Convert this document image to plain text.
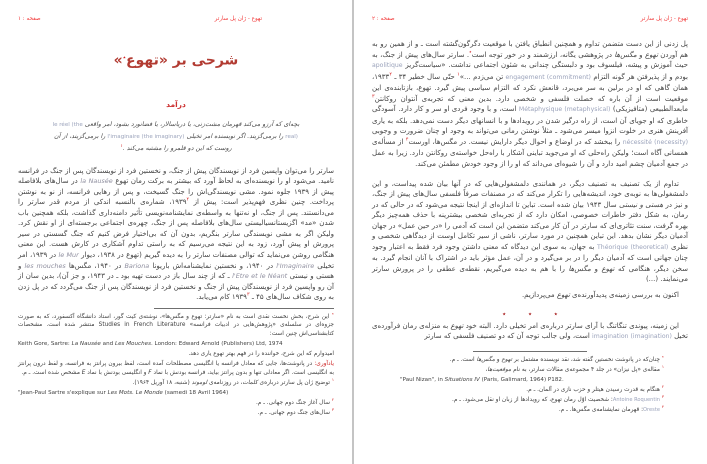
تهوع - ژان پل سارتر
صفحه : ۱
شرحی بر «تهوع٭»
درآمد
بچه‌ای که آرزو می‌کند قهرمان مشت‌زنی، یا دریاسالار، یا فضانورد بشود، امر واقعی le réel (the real) را برمی‌گزیند. اگر نویسنده امر تخیلی l'imaginaire (the imaginary) را برمی‌گزیند، از آن روست که این دو قلمرو را مشتبه می‌کند .$^۱$

سارتر را می‌توان واپسین فرد از نویسندگان پیش از جنگ، و نخستین فرد از نویسندگان پس از جنگ در فرانسه نامید. می‌شود او را نویسنده‌ای به لحاظ آورد که بیشتر به برکت رمان تهوع la Nausée در سال‌های بلافاصله پیش از ۱۹۳۹ جلوه نمود. مشی نویسندگی‌اش را جنگ گسیخت، و پس از رهایی فرانسه، از نو به نوشتن پرداخت. چنین نظری فهم‌پذیر است: پیش از ۱۹۳۹$^۲$، شماره‌ی بالنسبه اندکی از مردم قدر سارتر را می‌دانستند. پس از جنگ، او نه‌تنها به واسطه‌ی نمایشنامه‌نویسی تأثیر دامنه‌داری گذاشت، بلکه همچنین باب شدن «مد» اگزیستانسیالیستی سال‌های بلافاصله پس از جنگ، چهره‌ی اجتماعی برجسته‌ای از او نقش کرد. ولیکن اگر به مشی نویسندگی سارتر بنگریم، بدون آن که بی‌اختیار فرض کنیم که جنگ گسستی در سیر پرورش او پیش آورد، زود به این نتیجه می‌رسیم که به راستی تداوم آشکاری در کارش هست. این معنی هنگامی روشن می‌نماید که توالی مصنفات سارتر را به دیده گیریم (تهوع در ۱۹۳۸، دیوار le Mur در ۱۹۳۹، امر تخیلی l'Imaginaire در ۱۹۴۰، و نخستین نمایشنامه‌اش باریونا Bariona در ۱۹۴۰، مگس‌ها les mouches و هستی و نیستی l'Etre et le Néant ـ که از چند سال باز در دست تهیه بود ـ در ۱۹۴۳، و جز آن)، بدین سان از آن رو واپسین فرد از نویسندگان پیش از جنگ و نخستین فرد از نویسندگان پس از جنگ می‌گردد که در پل زدن به روی شکاف سال‌های ۴۵ ـ ۱۹۳۹$^۳$ کام می‌یابد.

٭ این شرح، بخش نخست نقدی است به نام «سارتر: تهوع و مگس‌ها»، نوشته‌ی کیت گور، استاد دانشگاه آکسفورد، که به صورت جزوه‌ای در سلسله‌ی «پژوهش‌هایی در ادبیات فرانسه» Studies in French Literature منتشر شده است. مشخصات کتابشناسی‌اش چنین است:

Keith Gore, Sartre: La Nausée and Les Mouches. London: Edward Arnold (Publishers) Ltd, 1974

امیدوارم که این شرح، خواننده را در فهم بهتر تهوع یاری دهد.

یادآوری: در پانوشت‌ها، جایی که معادل فرانسه یا انگلیسی مصطلحات آمده است، لفظ بیرون پرانتز به فرانسه، و لفظ درون پرانتز به انگلیسی است. اگر معادلی تنها و بدون پرانتز بیاید، فرانسه بودنش با نماد F و انگلیسی بودنش با نماد E مشخص شده است. ـ م.

$^۱$ توضیح ژان پل سارتر درباره‌ی کلمات، در روزنامه‌ی لوموند (شنبه، ۱۸ آوریل ۱۹۶۴).

"Jean-Paul Sartre s'explique sur Les Mots. Le Monde (samedi 18 Avril 1964)

$^۲$ سال آغاز جنگ دوم جهانی. ـ م.

$^۳$ سال‌های جنگ دوم جهانی. ـ م.

تهوع - ژان پل سارتر
صفحه : ۲

پل زدنی از این دست متضمن تداوم و همچنین انطباق یافتن با موقعیت دگرگون‌گشته است ـ و از همین رو به هم آوردن تهوع و مگس‌ها در پژوهشی یگانه، ارزشمند و در خور توجه است٭. سارتر سال‌های پیش از جنگ، به حیث آموزش و پیشه، فیلسوف بود و دلبستگی چندانی به شئون اجتماعی نداشت. «سیاست‌گریز apolitique بودم و از پذیرفتن هر گونه التزام engagement (commitment) تن می‌زدم ...»$^۱$ حتّی سال خطیر ۳۴ ـ ۱۹۳۳$^۲$، همان گاهی که او در برلین به سر می‌برد، قانعش نکرد که التزام سیاسی پیش گیرد. تهوع، بازتابنده‌ی این موقعیت است از آن باره که خصلت فلسفی و شخصی دارد. بدین معنی که تجربه‌ی آنتوان روکانتن$^۳$ مابعدالطبیعی (متافیزیکی) Métaphysique (metaphysical) است، و با وجود فردی او سر و کار دارد. آسودگی خاطری که او جویای آن است، از راه درگیر شدن در رویدادها و با انسانهای دیگر دست نمی‌دهد. بلکه به یاری آفرینش هنری در خلوت انزوا میسر می‌شود ـ مثلاً نوشتن رمانی می‌تواند به وجود او چنان ضرورت و وجوبی nécessité (necessity) را ببخشد که در اوضاع و احوال دیگر دارایش نیست. در مگس‌ها، اورست$^۴$ از مسأله‌ی همسانی آگاه است؛ ولیکن راه‌حلی که او می‌جوید تباینی آشکار با راه‌حل خواسته‌ی روکانتن دارد. زیرا به عمل در جمع آدمیان چشم امید دارد و آن را شیوه‌ای می‌داند که او را از وجود خودش مطمئن می‌کند.

تداوم از یک تصنیف به تصنیف دیگر، در همانندی دلمشغولی‌هایی که در آنها بیان شده پیداست، و این دلمشغولی‌ها به نوبه‌ی خود، اندیشه‌هایی را تکرار می‌کند که در مصنفات صرفاً فلسفی سال‌های پیش از جنگ، و نیز در هستی و نیستی سال ۱۹۴۳ بیان شده است. تباین تا اندازه‌ای از اینجا نتیجه می‌شود که در حالی که در رمان، به شکل دفتر خاطرات خصوصی، امکان دارد که از تجربه‌ای شخصی بیشترینه با حذف همه‌چیز دیگر بهره گرفت، سنت تئاتری‌ای که سارتر در آن کار می‌کند متضمن این است که آدمی را «در حین عمل» در جهان آدمیان دیگر نشان بدهد. این تباین همچنین در مورد سارتر، ناشی از سیر تکامل اوست از دیدگاهی شخصی و نظری Théorique (theoretical) به جهان، به سوی این دیدگاه که معنی داشتن وجود فرد فقط به اعتبار وجود چنان جهانی است که آدمیان دیگر را در بر می‌گیرد و در آن، عمل مؤثر باید در اشتراک با آنان انجام گیرد. به سخن دیگر، هنگامی که تهوع و مگس‌ها را با هم به دیده می‌گیریم، نقطه‌ی عطفی را در پرورش سارتر می‌نمایند. (...)

اکنون به بررسی زمینه‌ی پدیدآورنده‌ی تهوع می‌پردازیم.

٭	٭	٭

این زمینه، پیوندی تنگاتنگ با آرای سارتر درباره‌ی امر تخیلی دارد. البته خود تهوع به منزله‌ی رمان فرآورده‌ی تخیل imagination (imagination) است، ولی جالب توجه آن که دو تصنیف فلسفی که سارتر

٭ چنان‌که در پانوشت نخستین گفته شد، نقد نویسنده مشتمل بر تهوع و مگس‌ها است. ـ م.

$^۱$ مقاله‌ی «پل نیزان» در جلد ۴ مجموعه‌ی مقالات سارتر، به نام موقعیت‌ها،

"Paul Nizan", in Situations IV (Paris, Galimard, 1964) P182.

$^۲$ هنگام به قدرت رسیدن هیتلر و حزب نازی در آلمان. ـ م.

$^۳$ Antoine Roquentin: شخصیت اوّل رمان تهوع، که رویدادها از زبان او نقل می‌شود. ـ م.

$^۴$ Oreste: قهرمان نمایشنامه‌ی مگس‌ها. ـ م.
